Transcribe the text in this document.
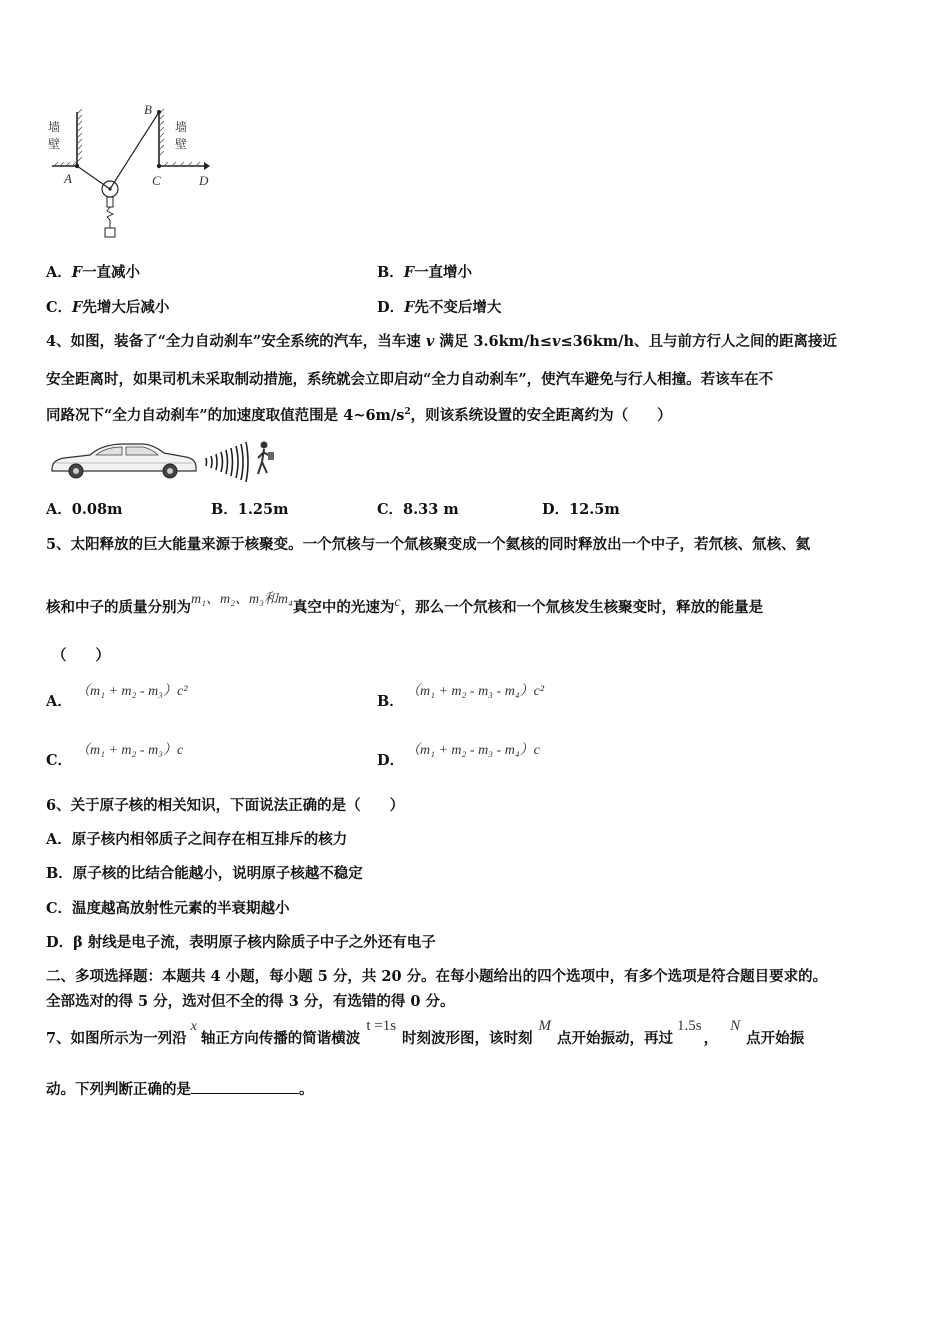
墙
壁
墙
壁
A
B
C	D
A．F一直减小	B．F一直增小
C．F先增大后减小	D．F先不变后增大
4、如图，装备了“全力自动刹车”安全系统的汽车，当车速 v 满足 3.6km/h≤v≤36km/h、且与前方行人之间的距离接近
安全距离时，如果司机未采取制动措施，系统就会立即启动“全力自动刹车”，使汽车避免与行人相撞。若该车在不
同路况下“全力自动刹车”的加速度取值范围是 $4\sim 6m/s^2$，则该系统设置的安全距离约为（　　）
A．0.08m	B．1.25m	C．8.33 m	D．12.5m
5、太阳释放的巨大能量来源于核聚变。一个氘核与一个氚核聚变成一个氦核的同时释放出一个中子，若氘核、氚核、氦
核和中子的质量分别为m₁、m₂、m₃和m₄真空中的光速为c，那么一个氘核和一个氚核发生核聚变时，释放的能量是
（　　）
A．
（m₁ + m₂ - m₃）c²
B．
（m₁ + m₂ - m₃ - m₄）c²
C．
（m₁ + m₂ - m₃）c
D．
（m₁ + m₂ - m₃ - m₄）c
6、关于原子核的相关知识，下面说法正确的是（　　）
A．原子核内相邻质子之间存在相互排斥的核力
B．原子核的比结合能越小，说明原子核越不稳定
C．温度越高放射性元素的半衰期越小
D．β 射线是电子流，表明原子核内除质子中子之外还有电子
二、多项选择题：本题共 4 小题，每小题 5 分，共 20 分。在每小题给出的四个选项中，有多个选项是符合题目要求的。
全部选对的得 5 分，选对但不全的得 3 分，有选错的得 0 分。
7、如图所示为一列沿x轴正方向传播的简谐横波t =1s时刻波形图，该时刻M点开始振动，再过1.5s，N点开始振
动。下列判断正确的是	。
